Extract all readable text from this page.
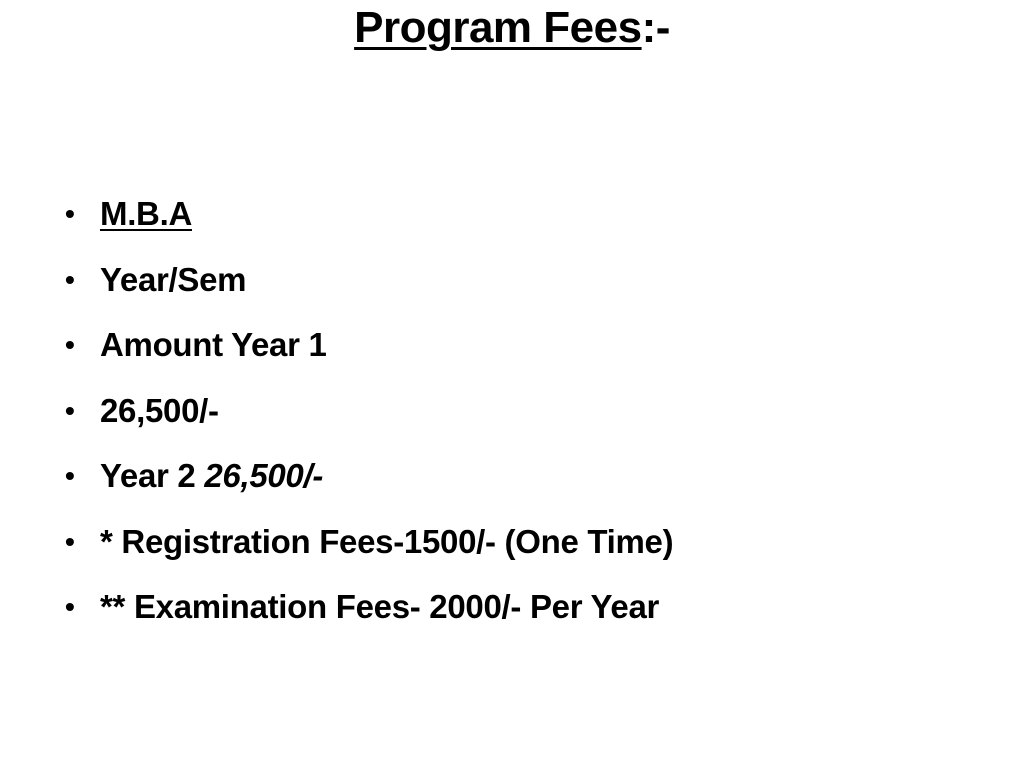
Program Fees:-
• M.B.A
• Year/Sem
• Amount Year 1
• 26,500/-
• Year 2 26,500/-
• * Registration Fees-1500/- (One Time)
• ** Examination Fees- 2000/- Per Year
